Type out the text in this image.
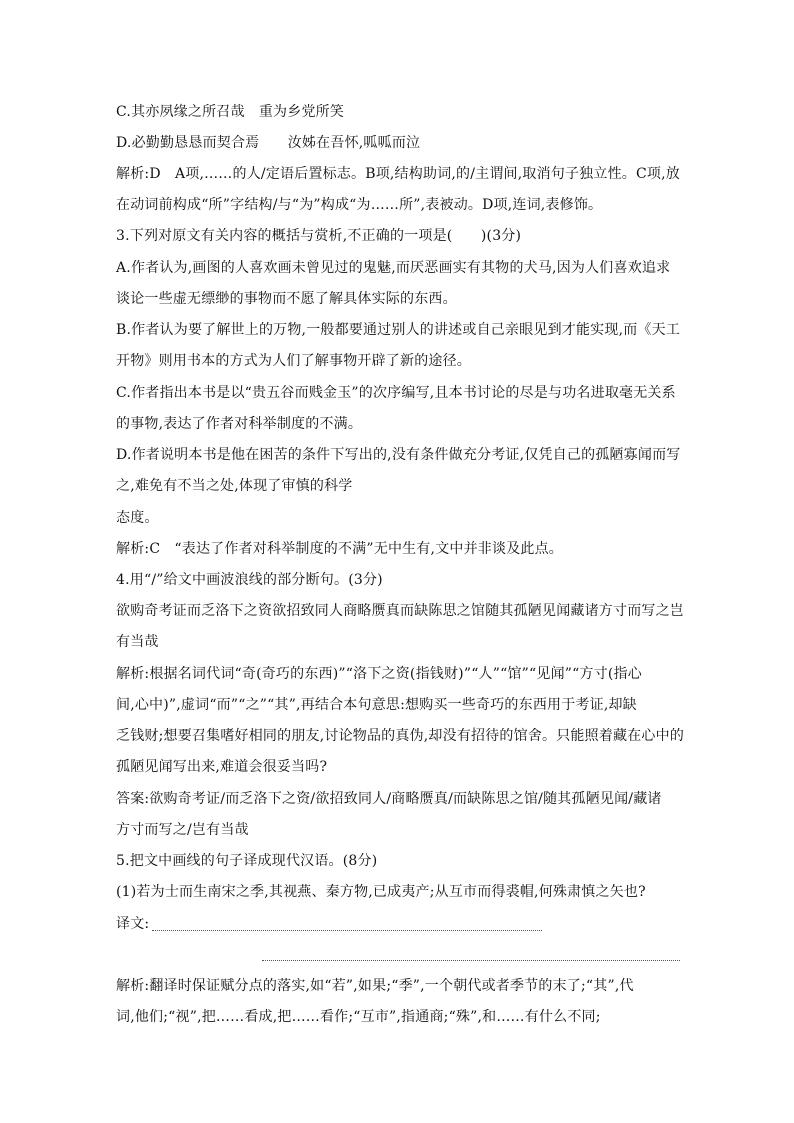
C.其亦夙缘之所召哉　重为乡党所笑
D.必勤勤恳恳而契合焉　　汝姊在吾怀,呱呱而泣
解析:D　A项,……的人/定语后置标志。B项,结构助词,的/主谓间,取消句子独立性。C项,放
在动词前构成“所”字结构/与“为”构成“为……所”,表被动。D项,连词,表修饰。
3.下列对原文有关内容的概括与赏析,不正确的一项是(　　)(3分)
A.作者认为,画图的人喜欢画未曾见过的鬼魅,而厌恶画实有其物的犬马,因为人们喜欢追求
谈论一些虚无缥缈的事物而不愿了解具体实际的东西。
B.作者认为要了解世上的万物,一般都要通过别人的讲述或自己亲眼见到才能实现,而《天工
开物》则用书本的方式为人们了解事物开辟了新的途径。
C.作者指出本书是以“贵五谷而贱金玉”的次序编写,且本书讨论的尽是与功名进取毫无关系
的事物,表达了作者对科举制度的不满。
D.作者说明本书是他在困苦的条件下写出的,没有条件做充分考证,仅凭自己的孤陋寡闻而写
之,难免有不当之处,体现了审慎的科学
态度。
解析:C　“表达了作者对科举制度的不满”无中生有,文中并非谈及此点。
4.用“/”给文中画波浪线的部分断句。(3分)
欲购奇考证而乏洛下之资欲招致同人商略赝真而缺陈思之馆随其孤陋见闻藏诸方寸而写之岂
有当哉
解析:根据名词代词“奇(奇巧的东西)”“洛下之资(指钱财)”“人”“馆”“见闻”“方寸(指心
间,心中)”,虚词“而”“之”“其”,再结合本句意思:想购买一些奇巧的东西用于考证,却缺
乏钱财;想要召集嗜好相同的朋友,讨论物品的真伪,却没有招待的馆舍。只能照着藏在心中的
孤陋见闻写出来,难道会很妥当吗?
答案:欲购奇考证/而乏洛下之资/欲招致同人/商略赝真/而缺陈思之馆/随其孤陋见闻/藏诸
方寸而写之/岂有当哉
5.把文中画线的句子译成现代汉语。(8分)
(1)若为士而生南宋之季,其视燕、秦方物,已成夷产;从互市而得裘帽,何殊肃慎之矢也?
译文:
解析:翻译时保证赋分点的落实,如“若”,如果;“季”,一个朝代或者季节的末了;“其”,代
词,他们;“视”,把……看成,把……看作;“互市”,指通商;“殊”,和……有什么不同;
